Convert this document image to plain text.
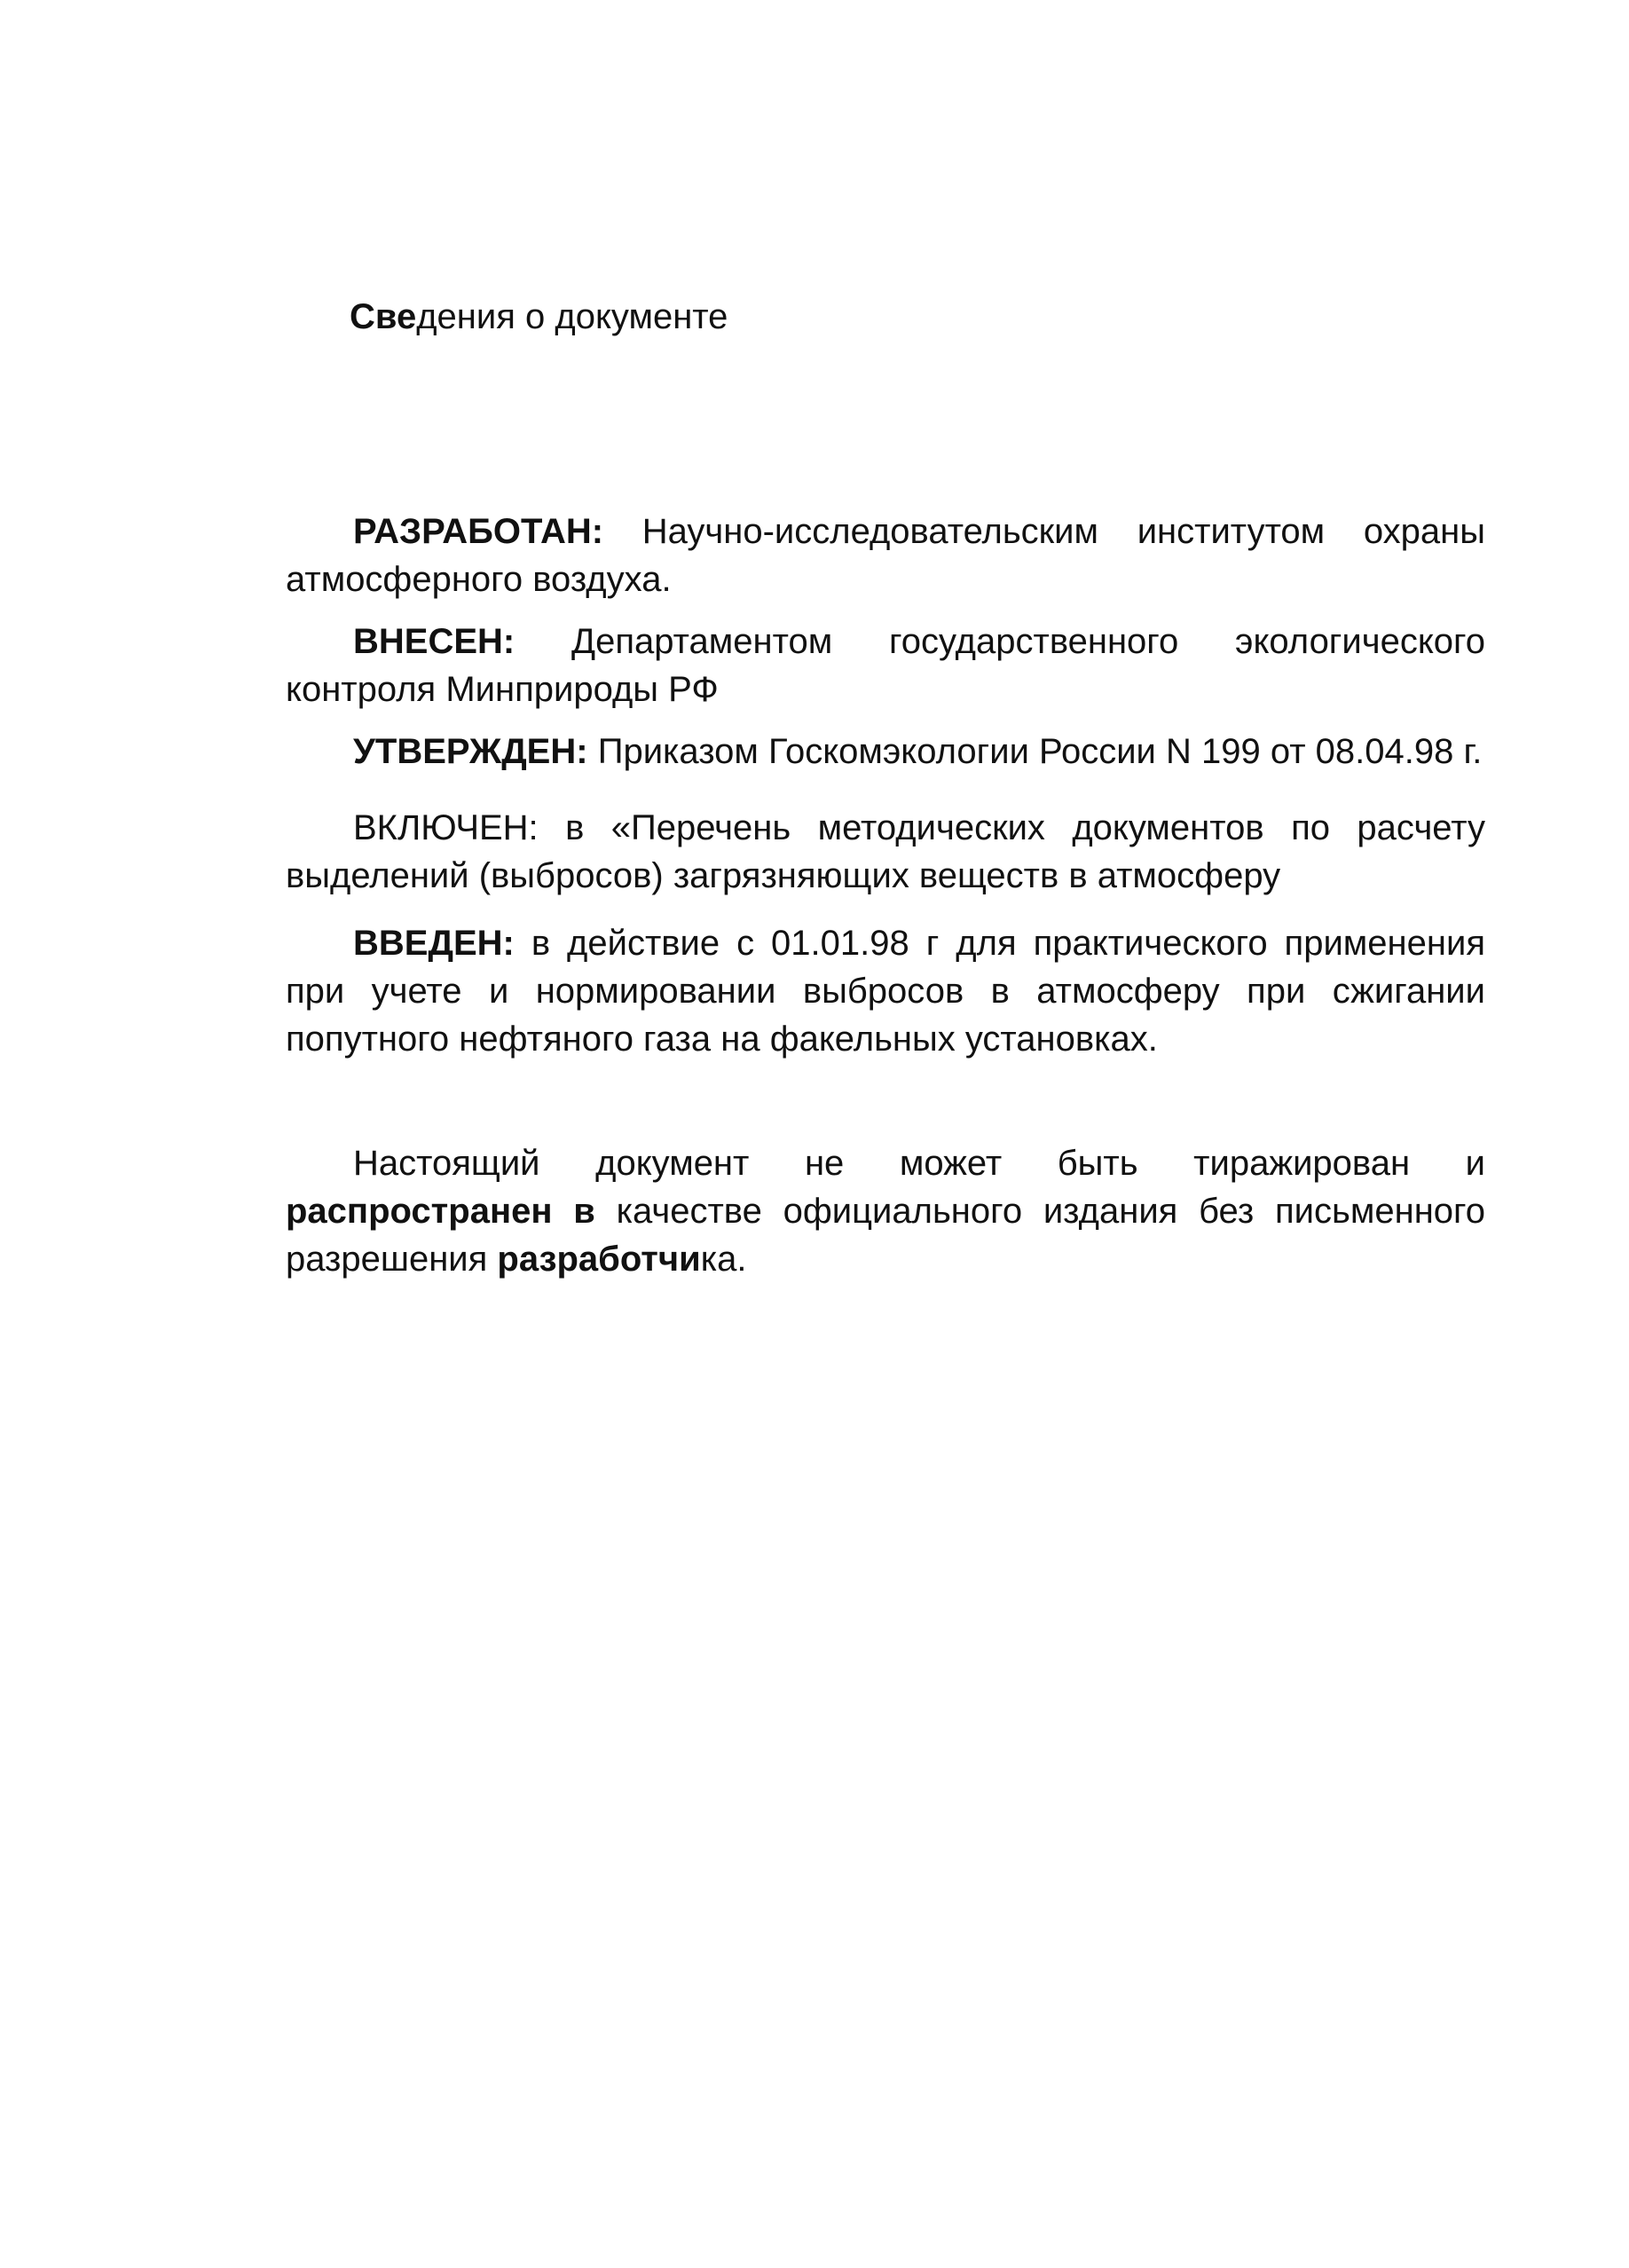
Сведения о документе

РАЗРАБОТАН: Научно-исследовательским институтом охраны атмосферного воздуха.

ВНЕСЕН: Департаментом государственного экологического контроля Минприроды РФ

УТВЕРЖДЕН: Приказом Госкомэкологии России N 199 от 08.04.98 г.

ВКЛЮЧЕН: в «Перечень методических документов по расчету выделений (выбросов) загрязняющих веществ в атмосферу

ВВЕДЕН: в действие с 01.01.98 г для практического применения при учете и нормировании выбросов в атмосферу при сжигании попутного нефтяного газа на факельных установках.

Настоящий документ не может быть тиражирован и распространен в качестве официального издания без письменного разрешения разработчика.
